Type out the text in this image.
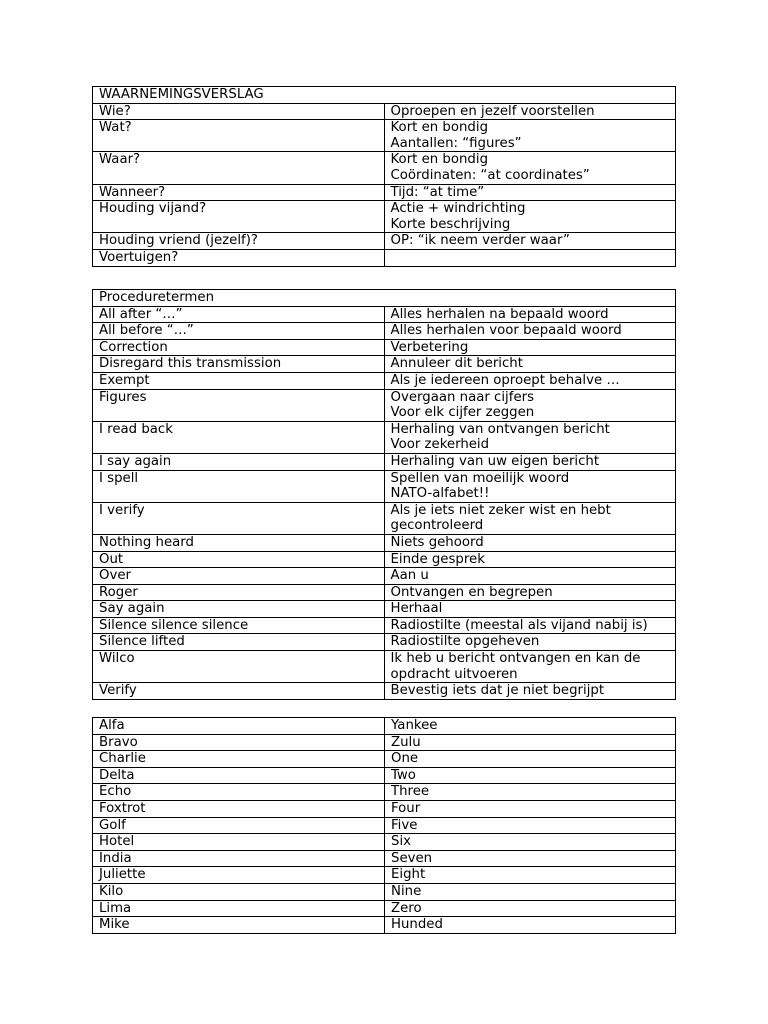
WAARNEMINGSVERSLAG	
Wie?	Oproepen en jezelf voorstellen
Wat?	Kort en bondig
Aantallen: “figures”
Waar?	Kort en bondig
Coördinaten: “at coordinates”
Wanneer?	Tijd: “at time”
Houding vijand?	Actie + windrichting
Korte beschrijving
Houding vriend (jezelf)?	OP: “ik neem verder waar”
Voertuigen?	
Proceduretermen	
All after “…”	Alles herhalen na bepaald woord
All before “…”	Alles herhalen voor bepaald woord
Correction	Verbetering
Disregard this transmission	Annuleer dit bericht
Exempt	Als je iedereen oproept behalve …
Figures	Overgaan naar cijfers
Voor elk cijfer zeggen
I read back	Herhaling van ontvangen bericht
Voor zekerheid
I say again	Herhaling van uw eigen bericht
I spell	Spellen van moeilijk woord
NATO-alfabet!!
I verify	Als je iets niet zeker wist en hebt
gecontroleerd
Nothing heard	Niets gehoord
Out	Einde gesprek
Over	Aan u
Roger	Ontvangen en begrepen
Say again	Herhaal
Silence silence silence	Radiostilte (meestal als vijand nabij is)
Silence lifted	Radiostilte opgeheven
Wilco	Ik heb u bericht ontvangen en kan de
opdracht uitvoeren
Verify	Bevestig iets dat je niet begrijpt
Alfa	Yankee
Bravo	Zulu
Charlie	One
Delta	Two
Echo	Three
Foxtrot	Four
Golf	Five
Hotel	Six
India	Seven
Juliette	Eight
Kilo	Nine
Lima	Zero
Mike	Hunded
